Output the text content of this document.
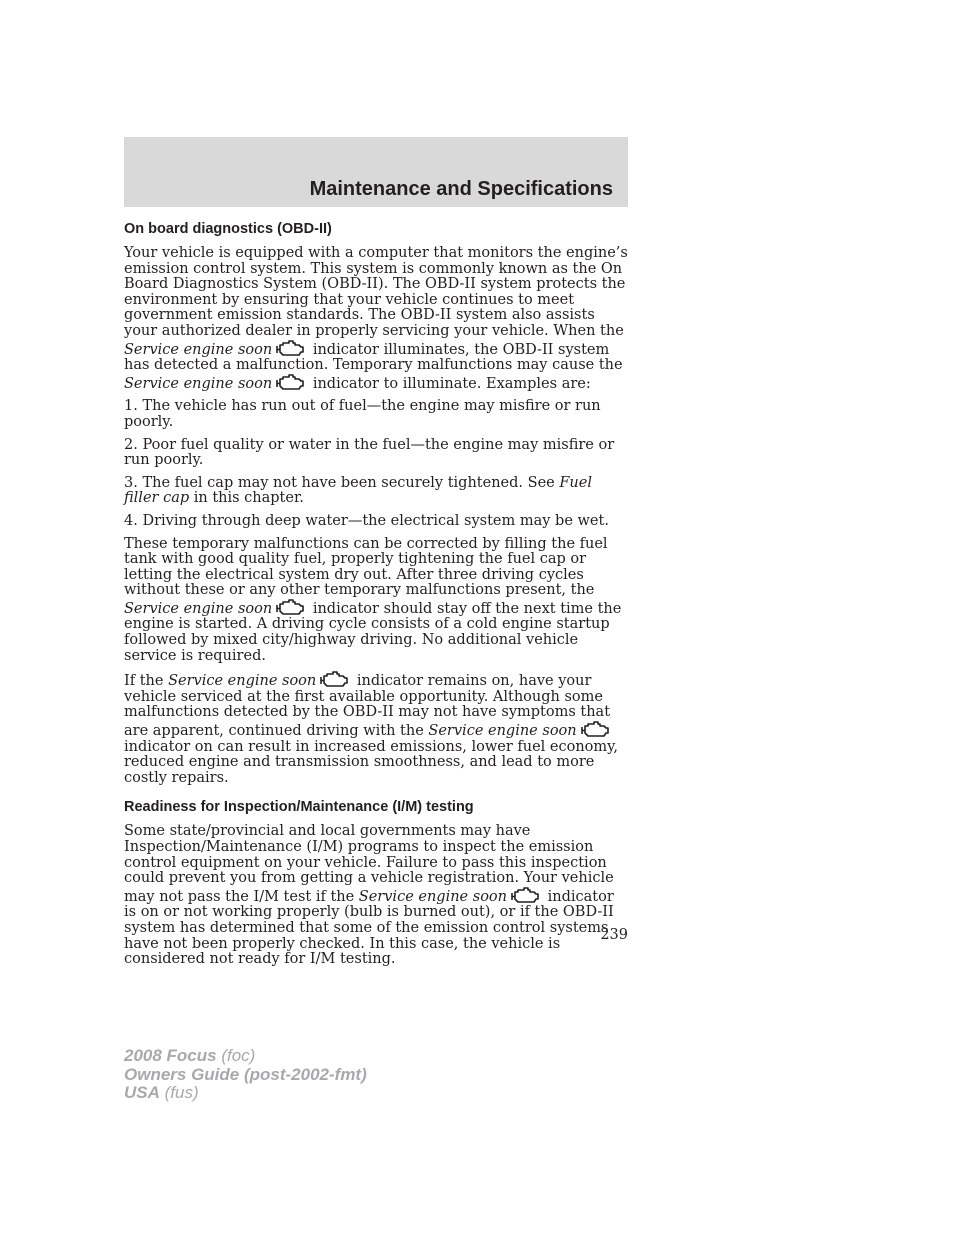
Maintenance and Specifications
On board diagnostics (OBD-II)

Your vehicle is equipped with a computer that monitors the engine’s emission control system. This system is commonly known as the On Board Diagnostics System (OBD-II). The OBD-II system protects the environment by ensuring that your vehicle continues to meet government emission standards. The OBD-II system also assists your authorized dealer in properly servicing your vehicle. When the Service engine soon	indicator illuminates, the OBD-II system has detected a malfunction. Temporary malfunctions may cause the Service engine soon	indicator to illuminate. Examples are:

1. The vehicle has run out of fuel—the engine may misfire or run poorly.

2. Poor fuel quality or water in the fuel—the engine may misfire or run poorly.

3. The fuel cap may not have been securely tightened. See Fuel filler cap in this chapter.

4. Driving through deep water—the electrical system may be wet.

These temporary malfunctions can be corrected by filling the fuel tank with good quality fuel, properly tightening the fuel cap or letting the electrical system dry out. After three driving cycles without these or any other temporary malfunctions present, the Service engine soon	indicator should stay off the next time the engine is started. A driving cycle consists of a cold engine startup followed by mixed city/highway driving. No additional vehicle service is required.

If the Service engine soon	indicator remains on, have your vehicle serviced at the first available opportunity. Although some malfunctions detected by the OBD-II may not have symptoms that are apparent, continued driving with the Service engine soon
indicator on can result in increased emissions, lower fuel economy, reduced engine and transmission smoothness, and lead to more costly repairs.

Readiness for Inspection/Maintenance (I/M) testing

Some state/provincial and local governments may have Inspection/Maintenance (I/M) programs to inspect the emission control equipment on your vehicle. Failure to pass this inspection could prevent you from getting a vehicle registration. Your vehicle may not pass the I/M test if the Service engine soon	indicator is on or not working properly (bulb is burned out), or if the OBD-II system has determined that some of the emission control systems have not been properly checked. In this case, the vehicle is considered not ready for I/M testing.

239
2008 Focus (foc)
Owners Guide (post-2002-fmt)
USA (fus)
